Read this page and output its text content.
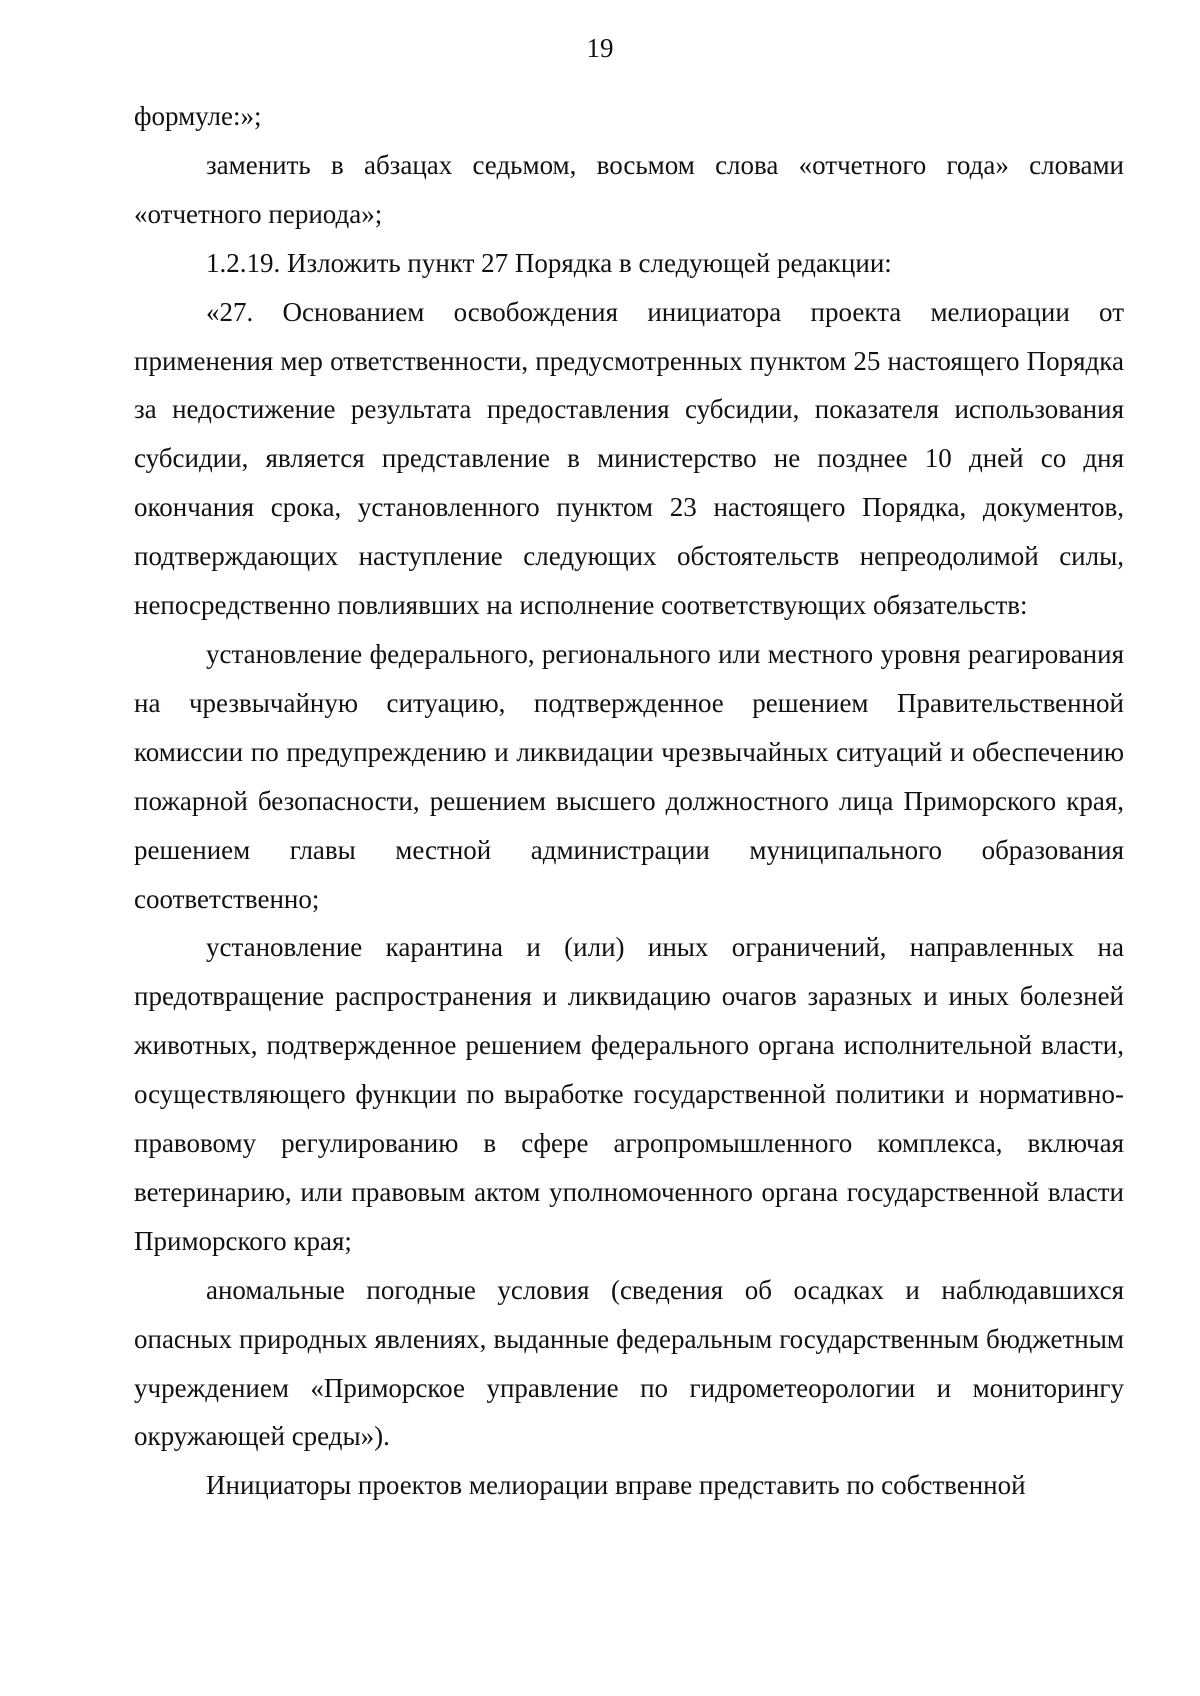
19

формуле:»;

заменить в абзацах седьмом, восьмом слова «отчетного года» словами «отчетного периода»;

1.2.19. Изложить пункт 27 Порядка в следующей редакции:

«27. Основанием освобождения инициатора проекта мелиорации от применения мер ответственности, предусмотренных пунктом 25 настоящего Порядка за недостижение результата предоставления субсидии, показателя использования субсидии, является представление в министерство не позднее 10 дней со дня окончания срока, установленного пунктом 23 настоящего Порядка, документов, подтверждающих наступление следующих обстоятельств непреодолимой силы, непосредственно повлиявших на исполнение соответствующих обязательств:

установление федерального, регионального или местного уровня реагирования на чрезвычайную ситуацию, подтвержденное решением Правительственной комиссии по предупреждению и ликвидации чрезвычайных ситуаций и обеспечению пожарной безопасности, решением высшего должностного лица Приморского края, решением главы местной администрации муниципального образования соответственно;

установление карантина и (или) иных ограничений, направленных на предотвращение распространения и ликвидацию очагов заразных и иных болезней животных, подтвержденное решением федерального органа исполнительной власти, осуществляющего функции по выработке государственной политики и нормативно-правовому регулированию в сфере агропромышленного комплекса, включая ветеринарию, или правовым актом уполномоченного органа государственной власти Приморского края;

аномальные погодные условия (сведения об осадках и наблюдавшихся опасных природных явлениях, выданные федеральным государственным бюджетным учреждением «Приморское управление по гидрометеорологии и мониторингу окружающей среды»).

Инициаторы проектов мелиорации вправе представить по собственной
